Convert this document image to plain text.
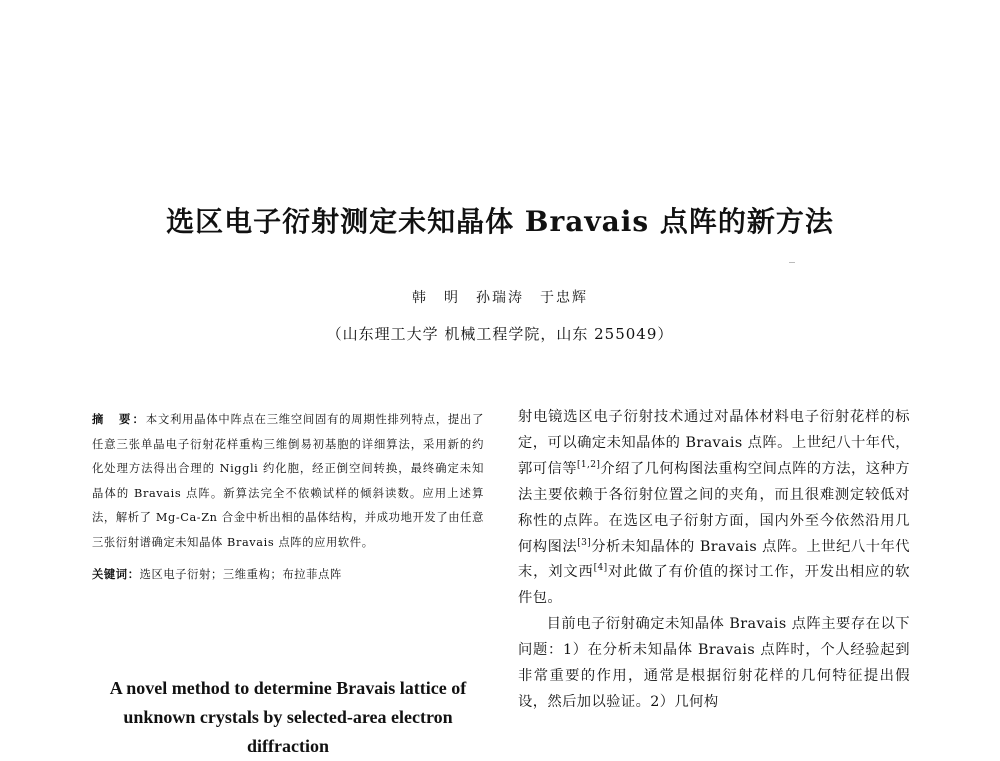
选区电子衍射测定未知晶体 Bravais 点阵的新方法
韩　明　孙瑞涛　于忠辉
（山东理工大学 机械工程学院，山东 255049）

摘　要：本文利用晶体中阵点在三维空间固有的周期性排列特点，提出了任意三张单晶电子衍射花样重构三维倒易初基胞的详细算法，采用新的约化处理方法得出合理的 Niggli 约化胞，经正倒空间转换，最终确定未知晶体的 Bravais 点阵。新算法完全不依赖试样的倾斜读数。应用上述算法，解析了 Mg-Ca-Zn 合金中析出相的晶体结构，并成功地开发了由任意三张衍射谱确定未知晶体 Bravais 点阵的应用软件。

关键词：选区电子衍射；三维重构；布拉菲点阵
A novel method to determine Bravais lattice of unknown crystals by selected-area electron diffraction

射电镜选区电子衍射技术通过对晶体材料电子衍射花样的标定，可以确定未知晶体的 Bravais 点阵。上世纪八十年代，郭可信等[1,2]介绍了几何构图法重构空间点阵的方法，这种方法主要依赖于各衍射位置之间的夹角，而且很难测定较低对称性的点阵。在选区电子衍射方面，国内外至今依然沿用几何构图法[3]分析未知晶体的 Bravais 点阵。上世纪八十年代末，刘文西[4]对此做了有价值的探讨工作，开发出相应的软件包。

目前电子衍射确定未知晶体 Bravais 点阵主要存在以下问题：1）在分析未知晶体 Bravais 点阵时，个人经验起到非常重要的作用，通常是根据衍射花样的几何特征提出假设，然后加以验证。2）几何构
